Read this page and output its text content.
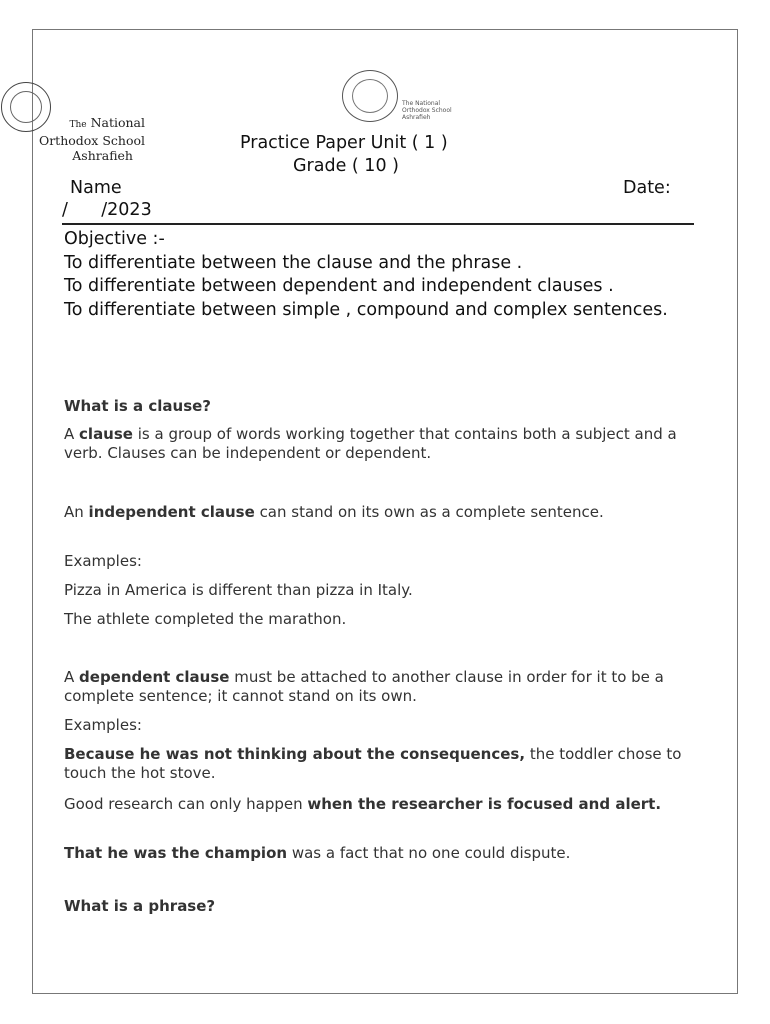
The National
Orthodox School
Ashrafieh
The National
Orthodox School
Ashrafieh
Practice Paper Unit ( 1 )
Grade ( 10 )
Name	Date:
/      /2023

Objective :-

To differentiate between the clause and the phrase .

To differentiate between dependent and independent clauses .

To differentiate between simple , compound and complex sentences.

What is a clause?

A clause is a group of words working together that contains both a subject and a verb. Clauses can be independent or dependent.

An independent clause can stand on its own as a complete sentence.

Examples:

Pizza in America is different than pizza in Italy.

The athlete completed the marathon.

A dependent clause must be attached to another clause in order for it to be a complete sentence; it cannot stand on its own.

Examples:

Because he was not thinking about the consequences, the toddler chose to touch the hot stove.

Good research can only happen when the researcher is focused and alert.

That he was the champion was a fact that no one could dispute.

What is a phrase?
